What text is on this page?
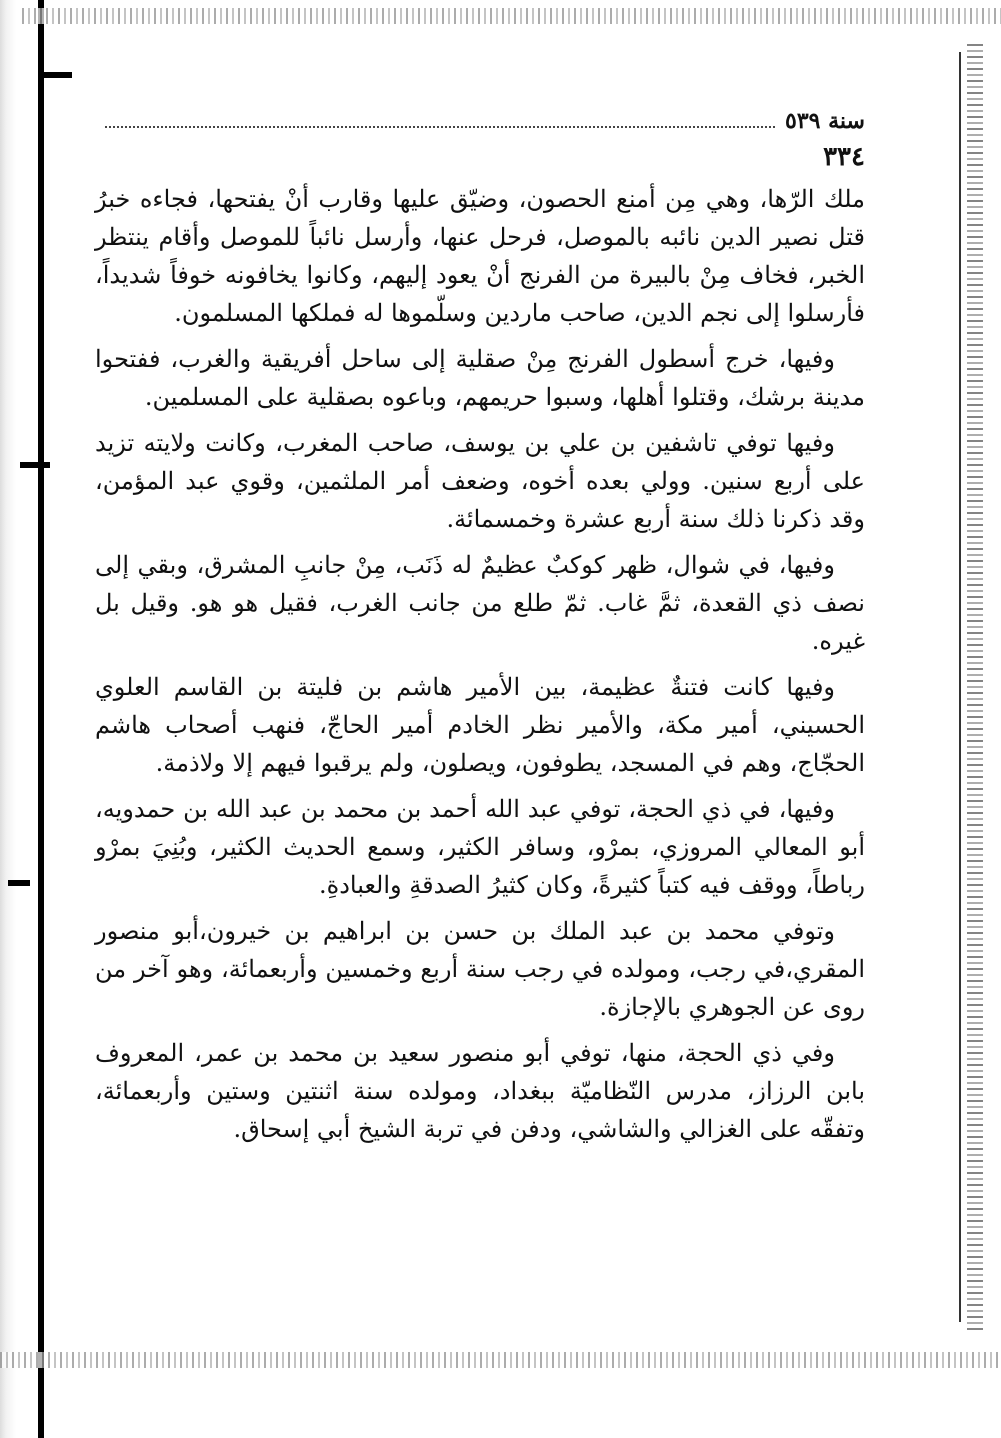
سنة ٥٣٩
٣٣٤

ملك الرّها، وهي مِن أمنع الحصون، وضيّق عليها وقارب أنْ يفتحها، فجاءه خبرُ قتل نصير الدين نائبه بالموصل، فرحل عنها، وأرسل نائباً للموصل وأقام ينتظر الخبر، فخاف مِنْ بالبيرة من الفرنج أنْ يعود إليهم، وكانوا يخافونه خوفاً شديداً، فأرسلوا إلى نجم الدين، صاحب ماردين وسلّموها له فملكها المسلمون.

وفيها، خرج أسطول الفرنج مِنْ صقلية إلى ساحل أفريقية والغرب، ففتحوا مدينة برشك، وقتلوا أهلها، وسبوا حريمهم، وباعوه بصقلية على المسلمين.

وفيها توفي تاشفين بن علي بن يوسف، صاحب المغرب، وكانت ولايته تزيد على أربع سنين. وولي بعده أخوه، وضعف أمر الملثمين، وقوي عبد المؤمن، وقد ذكرنا ذلك سنة أربع عشرة وخمسمائة.

وفيها، في شوال، ظهر كوكبٌ عظيمٌ له ذَنَب، مِنْ جانبِ المشرق، وبقي إلى نصف ذي القعدة، ثمَّ غاب. ثمّ طلع من جانب الغرب، فقيل هو هو. وقيل بل غيره.

وفيها كانت فتنةٌ عظيمة، بين الأمير هاشم بن فليتة بن القاسم العلوي الحسيني، أمير مكة، والأمير نظر الخادم أمير الحاجّ، فنهب أصحاب هاشم الحجّاج، وهم في المسجد، يطوفون، ويصلون، ولم يرقبوا فيهم إلا ولاذمة.

وفيها، في ذي الحجة، توفي عبد الله أحمد بن محمد بن عبد الله بن حمدويه، أبو المعالي المروزي، بمرْو، وسافر الكثير، وسمع الحديث الكثير، وبُنِيَ بمرْو رباطاً، ووقف فيه كتباً كثيرةً، وكان كثيرُ الصدقةِ والعبادةِ.

وتوفي محمد بن عبد الملك بن حسن بن ابراهيم بن خيرون،أبو منصور المقري،في رجب، ومولده في رجب سنة أربع وخمسين وأربعمائة، وهو آخر من روى عن الجوهري بالإجازة.

وفي ذي الحجة، منها، توفي أبو منصور سعيد بن محمد بن عمر، المعروف بابن الرزاز، مدرس النّظاميّة ببغداد، ومولده سنة اثنتين وستين وأربعمائة، وتفقّه على الغزالي والشاشي، ودفن في تربة الشيخ أبي إسحاق.
